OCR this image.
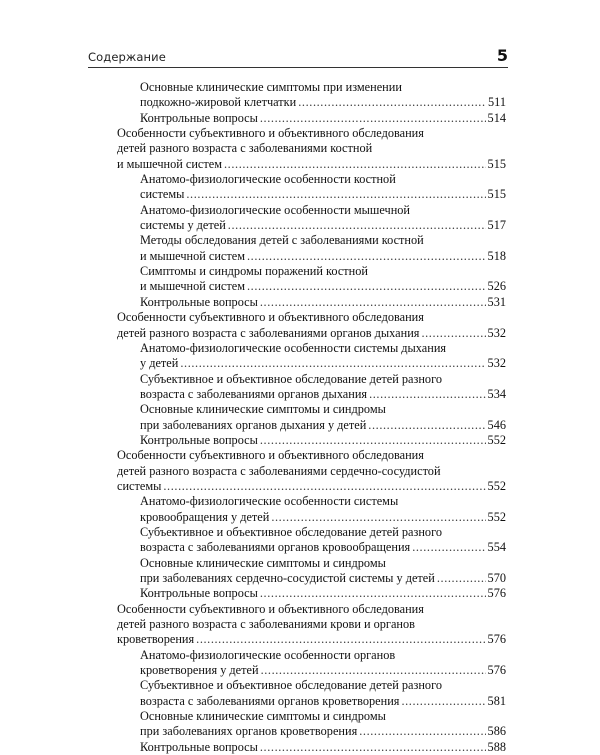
Содержание	5
Основные клинические симптомы при изменении
подкожно-жировой клетчатки .....	511
Контрольные вопросы .....	514
Особенности субъективного и объективного обследования
детей разного возраста с заболеваниями костной
и мышечной систем .....	515
Анатомо-физиологические особенности костной
системы .....	515
Анатомо-физиологические особенности мышечной
системы у детей .....	517
Методы обследования детей с заболеваниями костной
и мышечной систем .....	518
Симптомы и синдромы поражений костной
и мышечной систем .....	526
Контрольные вопросы .....	531
Особенности субъективного и объективного обследования
детей разного возраста с заболеваниями органов дыхания .....	532
Анатомо-физиологические особенности системы дыхания
у детей .....	532
Субъективное и объективное обследование детей разного
возраста с заболеваниями органов дыхания .....	534
Основные клинические симптомы и синдромы
при заболеваниях органов дыхания у детей .....	546
Контрольные вопросы .....	552
Особенности субъективного и объективного обследования
детей разного возраста с заболеваниями сердечно-сосудистой
системы .....	552
Анатомо-физиологические особенности системы
кровообращения у детей .....	552
Субъективное и объективное обследование детей разного
возраста с заболеваниями органов кровообращения .....	554
Основные клинические симптомы и синдромы
при заболеваниях сердечно-сосудистой системы у детей .....	570
Контрольные вопросы .....	576
Особенности субъективного и объективного обследования
детей разного возраста с заболеваниями крови и органов
кроветворения .....	576
Анатомо-физиологические особенности органов
кроветворения у детей .....	576
Субъективное и объективное обследование детей разного
возраста с заболеваниями органов кроветворения .....	581
Основные клинические симптомы и синдромы
при заболеваниях органов кроветворения .....	586
Контрольные вопросы .....	588
